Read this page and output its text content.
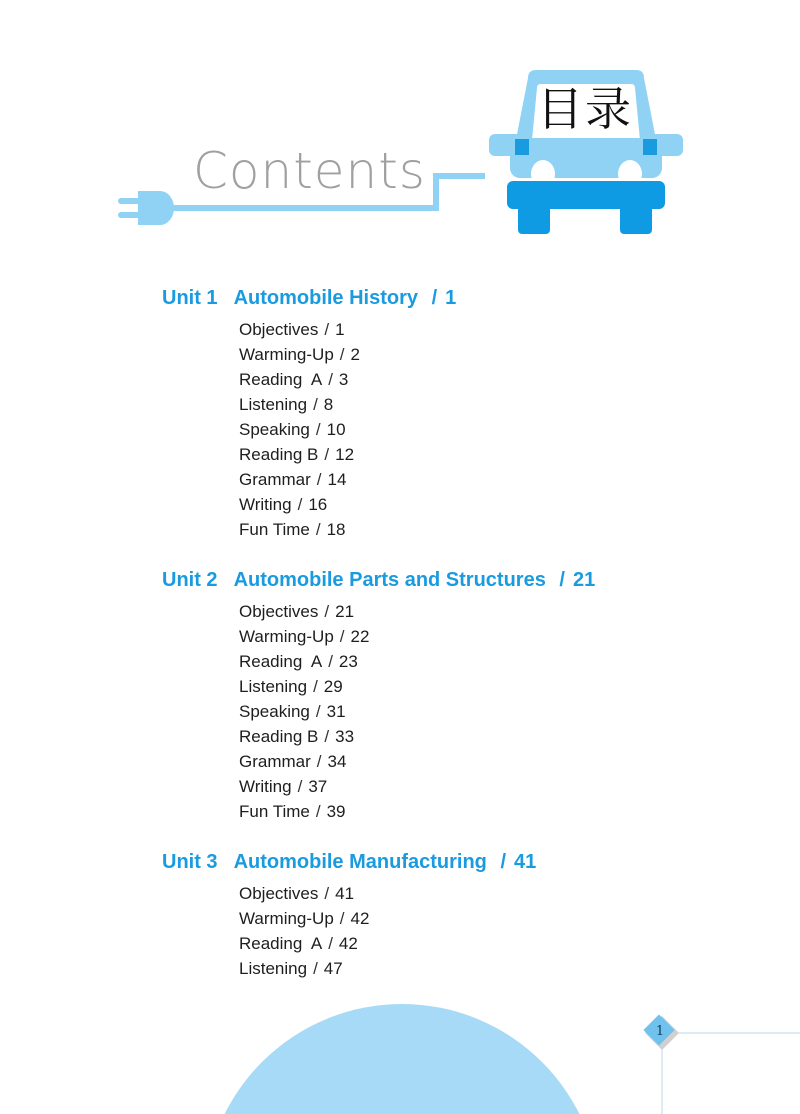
Contents
目录
Unit 1 Automobile History / 1
Objectives / 1
Warming-Up / 2
Reading  A / 3
Listening / 8
Speaking / 10
Reading B / 12
Grammar / 14
Writing / 16
Fun Time / 18
Unit 2 Automobile Parts and Structures / 21
Objectives / 21
Warming-Up / 22
Reading  A / 23
Listening / 29
Speaking / 31
Reading B / 33
Grammar / 34
Writing / 37
Fun Time / 39
Unit 3 Automobile Manufacturing / 41
Objectives / 41
Warming-Up / 42
Reading  A / 42
Listening / 47
1
